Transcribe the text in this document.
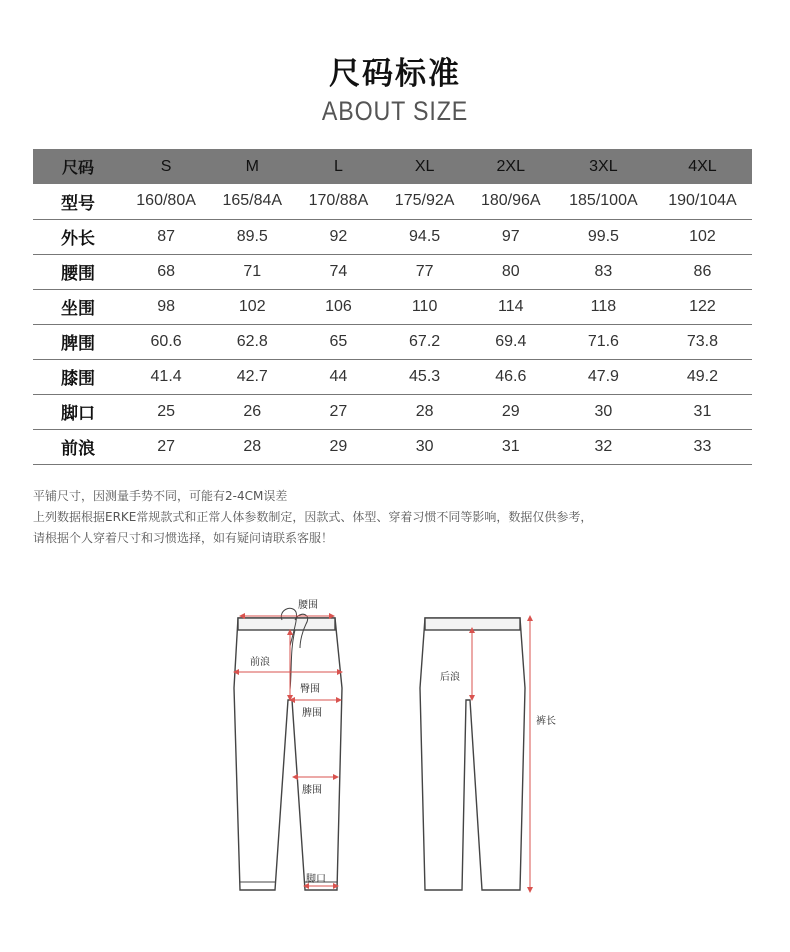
尺码标准
ABOUT SIZE
尺码	S	M	L	XL	2XL	3XL	4XL
型号	160/80A	165/84A	170/88A	175/92A	180/96A	185/100A	190/104A
外长	87	89.5	92	94.5	97	99.5	102
腰围	68	71	74	77	80	83	86
坐围	98	102	106	110	114	118	122
脾围	60.6	62.8	65	67.2	69.4	71.6	73.8
膝围	41.4	42.7	44	45.3	46.6	47.9	49.2
脚口	25	26	27	28	29	30	31
前浪	27	28	29	30	31	32	33
平铺尺寸，因测量手势不同，可能有2-4CM误差
上列数据根据ERKE常规款式和正常人体参数制定，因款式、体型、穿着习惯不同等影响，数据仅供参考，
请根据个人穿着尺寸和习惯选择，如有疑问请联系客服！
腰围
前浪
臀围
脾围
膝围
脚口
后浪
裤长
